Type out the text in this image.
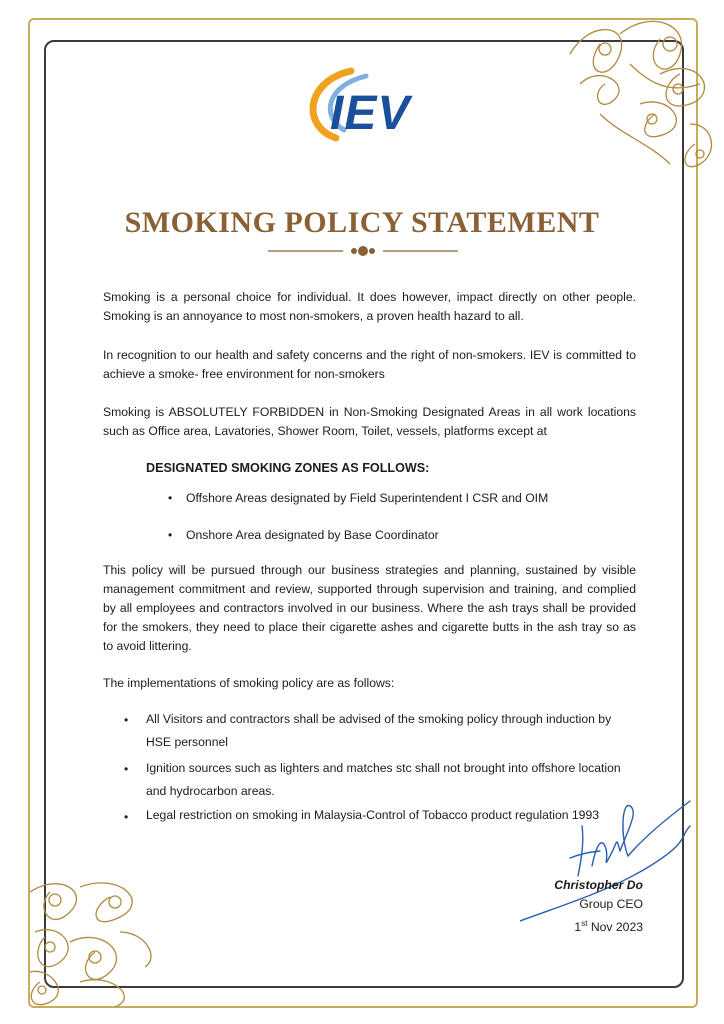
IEV
SMOKING POLICY STATEMENT
Smoking is a personal choice for individual. It does however, impact directly on other people. Smoking is an annoyance to most non-smokers, a proven health hazard to all.
In recognition to our health and safety concerns and the right of non-smokers. IEV is committed to achieve a smoke- free environment for non-smokers
Smoking is ABSOLUTELY FORBIDDEN in Non-Smoking Designated Areas in all work locations such as Office area, Lavatories, Shower Room, Toilet, vessels, platforms except at
DESIGNATED SMOKING ZONES AS FOLLOWS:
• Offshore Areas designated by Field Superintendent I CSR and OIM
• Onshore Area designated by Base Coordinator
This policy will be pursued through our business strategies and planning, sustained by visible management commitment and review, supported through supervision and training, and complied by all employees and contractors involved in our business. Where the ash trays shall be provided for the smokers, they need to place their cigarette ashes and cigarette butts in the ash tray so as to avoid littering.
The implementations of smoking policy are as follows:
• All Visitors and contractors shall be advised of the smoking policy through induction by HSE personnel
• Ignition sources such as lighters and matches stc shall not brought into offshore location and hydrocarbon areas.
• Legal restriction on smoking in Malaysia-Control of Tobacco product regulation 1993
Christopher Do
Group CEO
1st Nov 2023
